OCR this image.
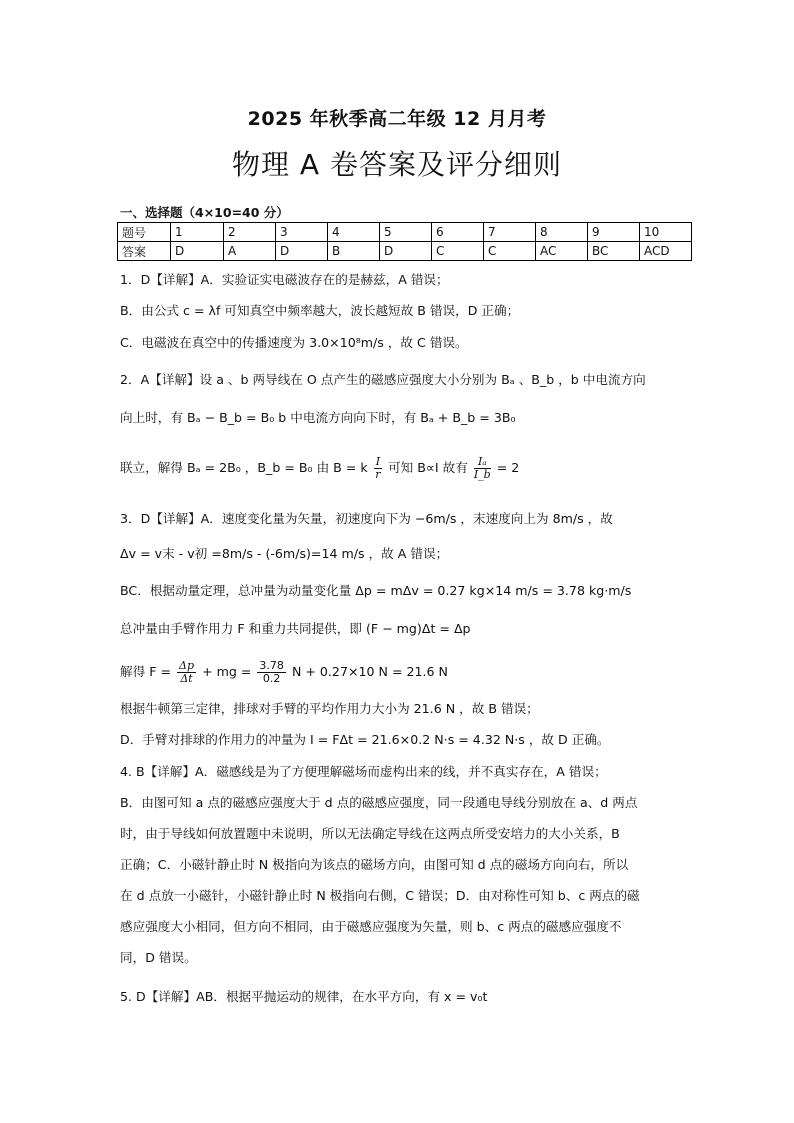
2025 年秋季高二年级 12 月月考
物理 A 卷答案及评分细则
一、选择题（4×10=40 分）
题号	1	2	3	4	5	6	7	8	9	10
答案	D	A	D	B	D	C	C	AC	BC	ACD
1．D【详解】A．实验证实电磁波存在的是赫兹，A 错误；
B．由公式 c = λf 可知真空中频率越大，波长越短故 B 错误，D 正确；
C．电磁波在真空中的传播速度为 3.0×10⁸m/s ，故 C 错误。
2．A【详解】设 a 、b 两导线在 O 点产生的磁感应强度大小分别为 Bₐ 、B_b ，b 中电流方向
向上时，有 Bₐ − B_b = B₀ b 中电流方向向下时，有 Bₐ + B_b = 3B₀
联立，解得 Bₐ = 2B₀ ，B_b = B₀ 由 B = k $\frac{I}{r}$ 可知 B∝I 故有 $\frac{\text{Iₐ}}{I\_b} = 2$
3．D【详解】A．速度变化量为矢量，初速度向下为 −6m/s ，末速度向上为 8m/s ，故
Δv = v末 - v初 =8m/s - (-6m/s)=14 m/s ，故 A 错误；
BC．根据动量定理，总冲量为动量变化量 Δp = mΔv = 0.27 kg×14 m/s = 3.78 kg·m/s
总冲量由手臂作用力 F 和重力共同提供，即 (F − mg)Δt = Δp
解得 $F = \frac{\Delta p}{\Delta t}$ + mg = $\frac{3.78}{0.2}$ N + 0.27×10 N = 21.6 N
根据牛顿第三定律，排球对手臂的平均作用力大小为 21.6 N ，故 B 错误；
D．手臂对排球的作用力的冲量为 I = FΔt = 21.6×0.2 N·s = 4.32 N·s ，故 D 正确。
4. B【详解】A．磁感线是为了方便理解磁场而虚构出来的线，并不真实存在，A 错误；
B．由图可知 a 点的磁感应强度大于 d 点的磁感应强度，同一段通电导线分别放在 a、d 两点
时，由于导线如何放置题中未说明，所以无法确定导线在这两点所受安培力的大小关系，B
正确；C．小磁针静止时 N 极指向为该点的磁场方向，由图可知 d 点的磁场方向向右，所以
在 d 点放一小磁针，小磁针静止时 N 极指向右侧，C 错误；D．由对称性可知 b、c 两点的磁
感应强度大小相同，但方向不相同，由于磁感应强度为矢量，则 b、c 两点的磁感应强度不
同，D 错误。
5. D【详解】AB．根据平抛运动的规律，在水平方向，有 x = v₀t
